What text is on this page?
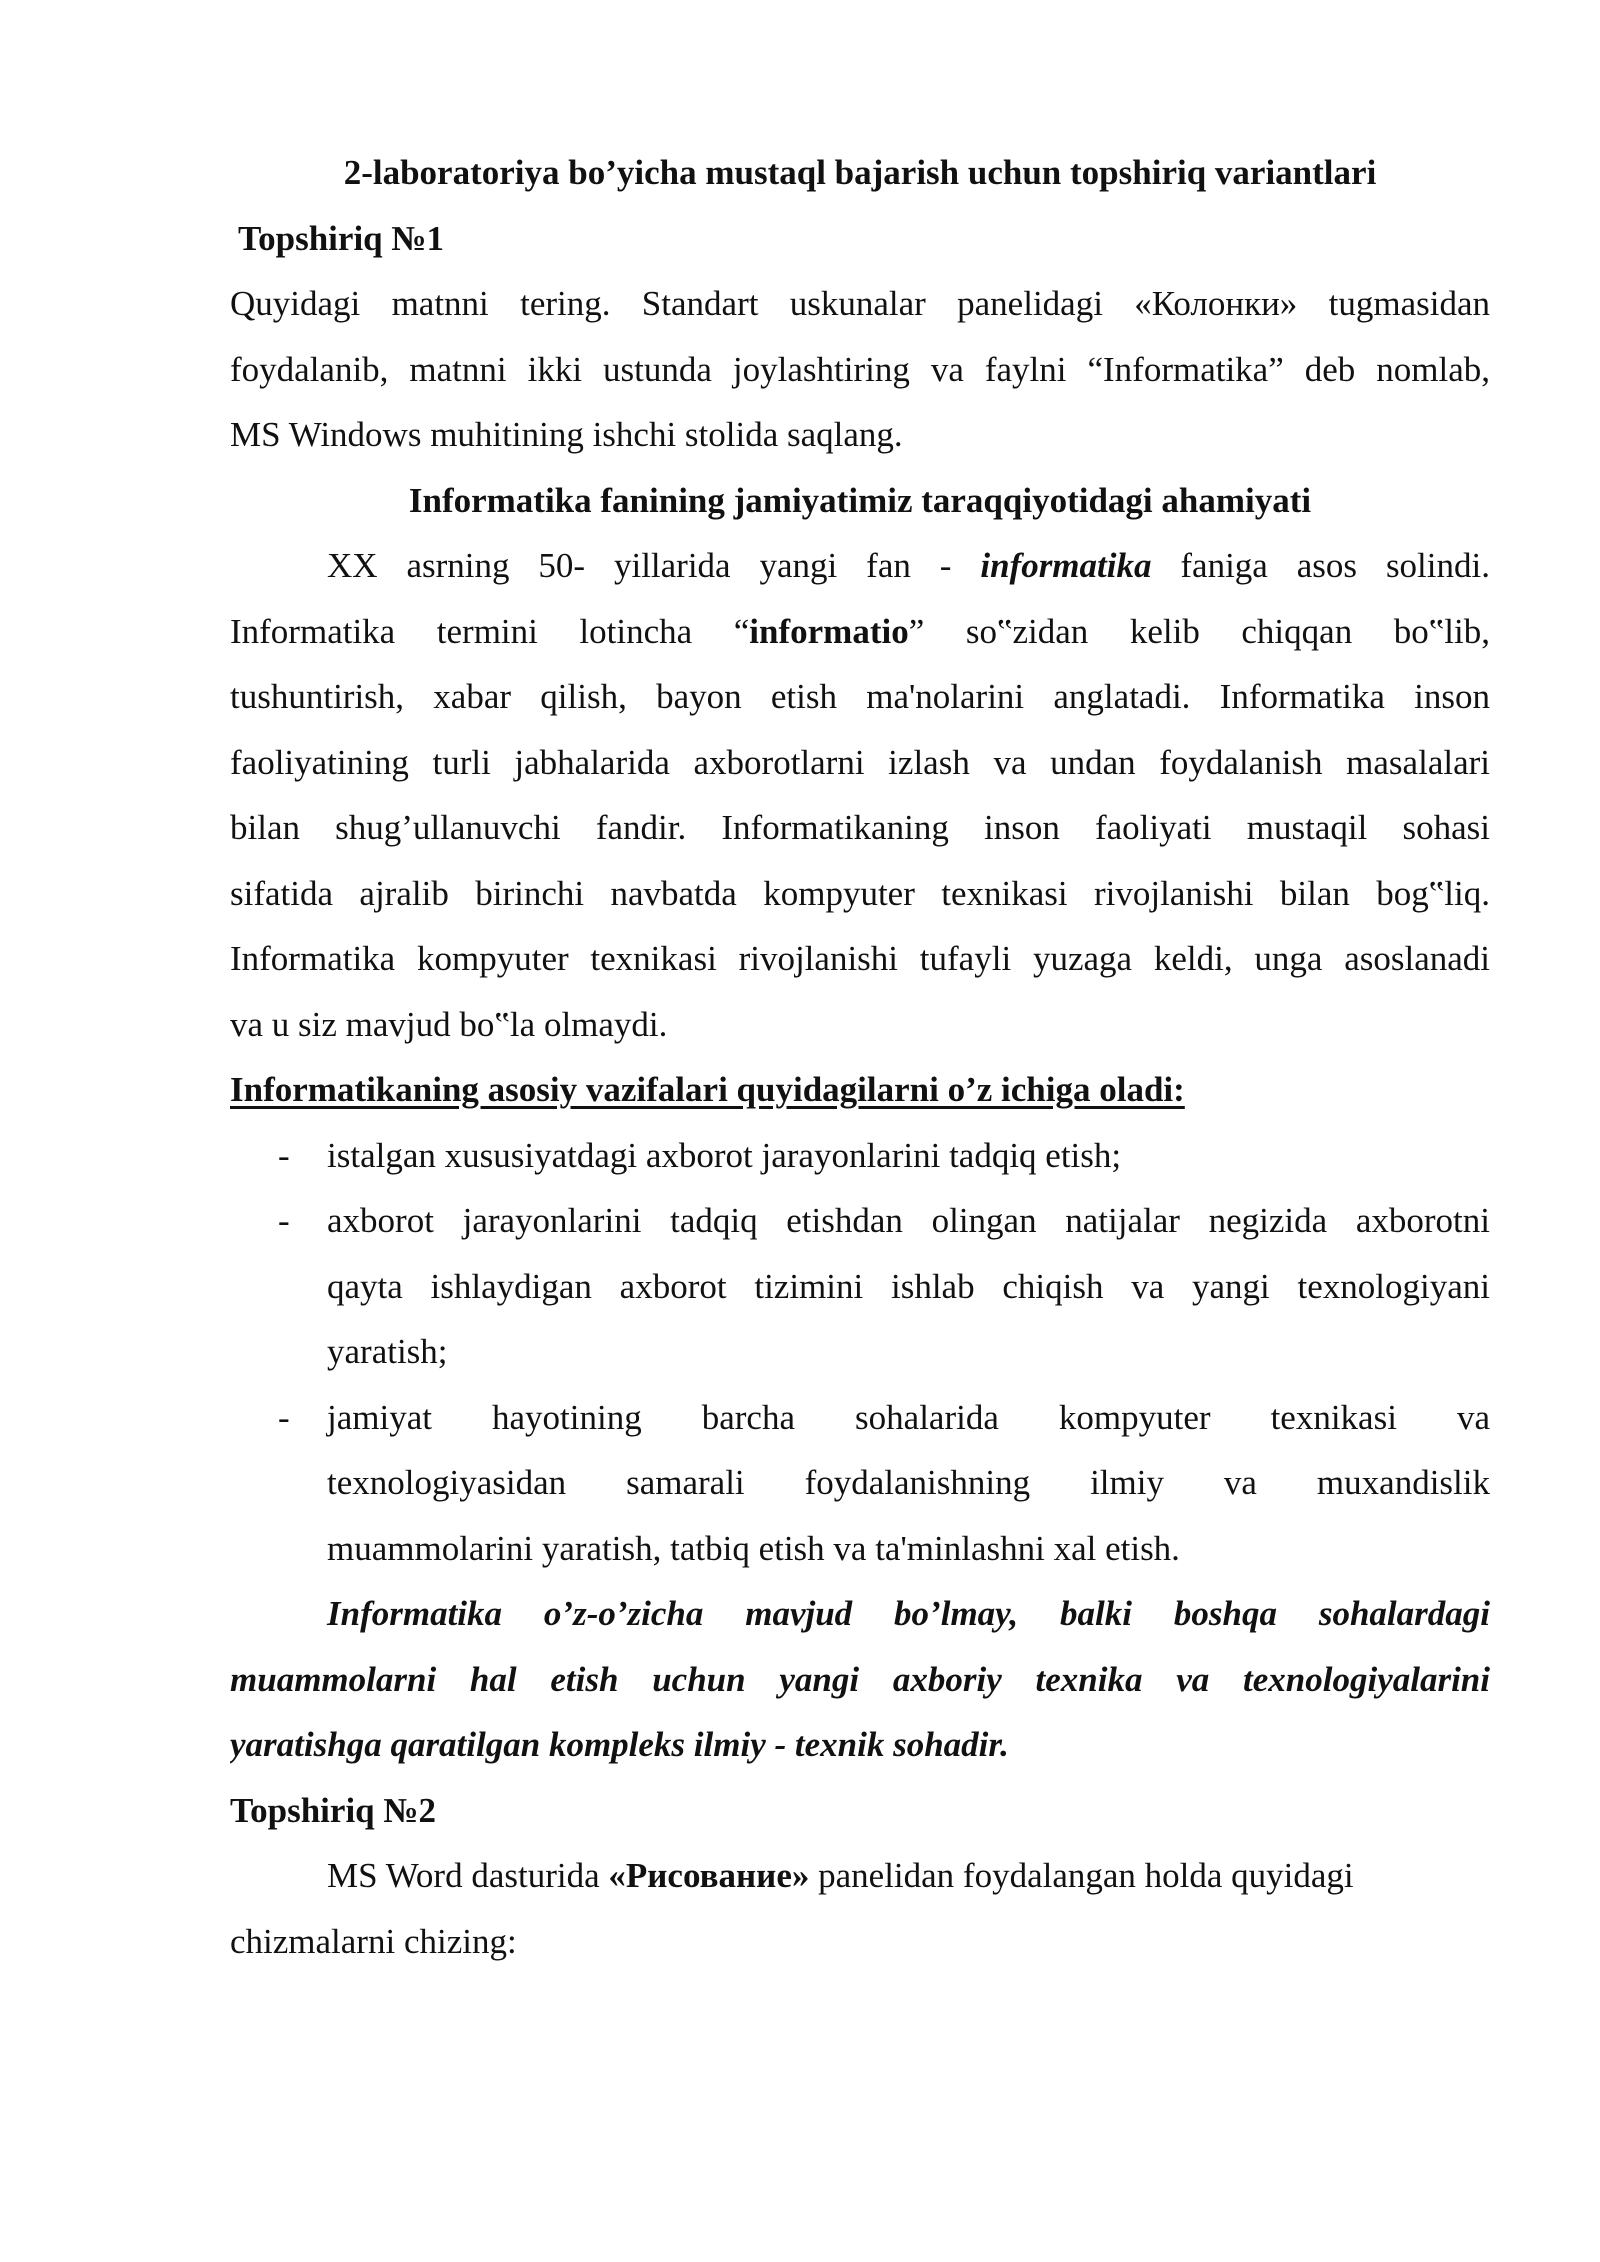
2-laboratoriya bo’yicha mustaql bajarish uchun topshiriq variantlari
Topshiriq №1
Quyidagi matnni tering. Standart uskunalar panelidagi «Колонки» tugmasidan
foydalanib, matnni ikki ustunda joylashtiring va faylni “Informatika” deb nomlab,
MS Windows muhitining ishchi stolida saqlang.
Informatika fanining jamiyatimiz taraqqiyotidagi ahamiyati
XX asrning 50- yillarida yangi fan - informatika faniga asos solindi.
Informatika termini lotincha “informatio” so‟zidan kelib chiqqan bo‟lib,
tushuntirish, xabar qilish, bayon etish ma'nolarini anglatadi. Informatika inson
faoliyatining turli jabhalarida axborotlarni izlash va undan foydalanish masalalari
bilan shug’ullanuvchi fandir. Informatikaning inson faoliyati mustaqil sohasi
sifatida ajralib birinchi navbatda kompyuter texnikasi rivojlanishi bilan bog‟liq.
Informatika kompyuter texnikasi rivojlanishi tufayli yuzaga keldi, unga asoslanadi
va u siz mavjud bo‟la olmaydi.
Informatikaning asosiy vazifalari quyidagilarni o’z ichiga oladi:
- istalgan xususiyatdagi axborot jarayonlarini tadqiq etish;
- axborot jarayonlarini tadqiq etishdan olingan natijalar negizida axborotni
qayta ishlaydigan axborot tizimini ishlab chiqish va yangi texnologiyani
yaratish;
- jamiyat hayotining barcha sohalarida kompyuter texnikasi va
texnologiyasidan samarali foydalanishning ilmiy va muxandislik
muammolarini yaratish, tatbiq etish va ta'minlashni xal etish.
Informatika o’z-o’zicha mavjud bo’lmay, balki boshqa sohalardagi
muammolarni hal etish uchun yangi axboriy texnika va texnologiyalarini
yaratishga qaratilgan kompleks ilmiy - texnik sohadir.
Topshiriq №2
MS Word dasturida «Рисование» panelidan foydalangan holda quyidagi
chizmalarni chizing:
